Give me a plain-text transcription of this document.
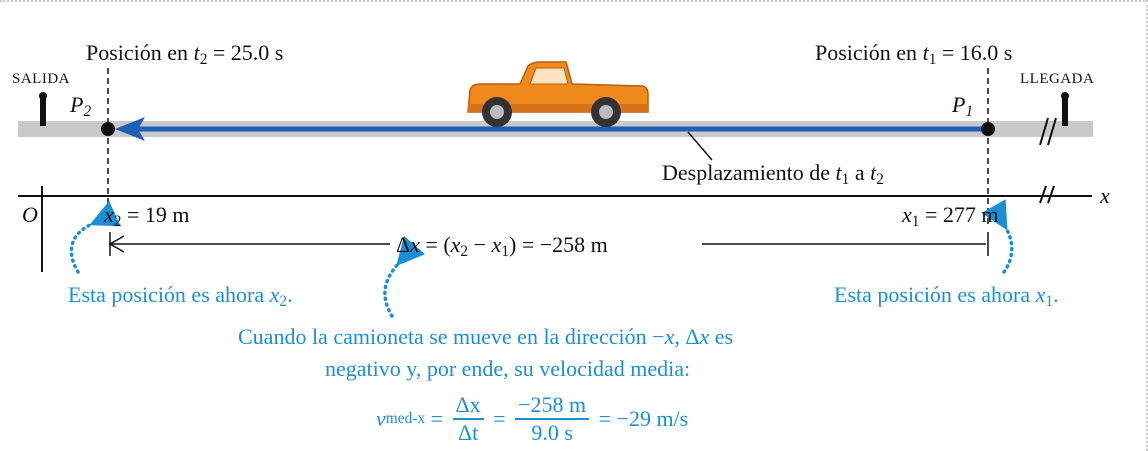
SALIDA	LLEGADA
$P_2$	$P_1$
Posición en $t_2 = 25.0$ s	Posición en $t_1 = 16.0$ s
Desplazamiento de $t_1$ a $t_2$
O
x
$x_2 = 19$ m	$x_1 = 277$ m
$\Delta x = (x_2 - x_1) = -258$ m
Esta posición es ahora $x_2$.	Esta posición es ahora $x_1$.
Cuando la camioneta se mueve en la dirección −x, Δx es
negativo y, por ende, su velocidad media:
v $med-x = \frac{\Delta x}{\Delta t} = \frac{-258 m}{9.0 s} = -29$ m/s
